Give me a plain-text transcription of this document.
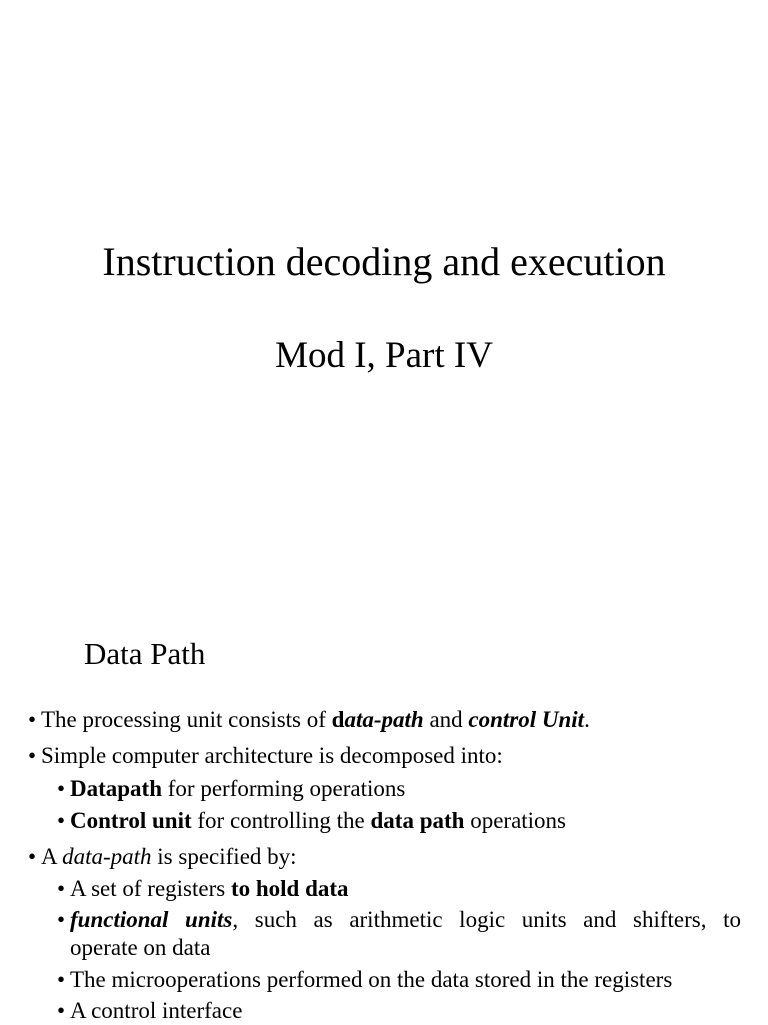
Instruction decoding and execution
Mod I, Part IV
Data Path
• The processing unit consists of data-path and control Unit.
• Simple computer architecture is decomposed into:
• Datapath for performing operations
• Control unit for controlling the data path operations
• A data-path is specified by:
• A set of registers to hold data
• functional units, such as arithmetic logic units and shifters, to
operate on data
• The microoperations performed on the data stored in the registers
• A control interface
